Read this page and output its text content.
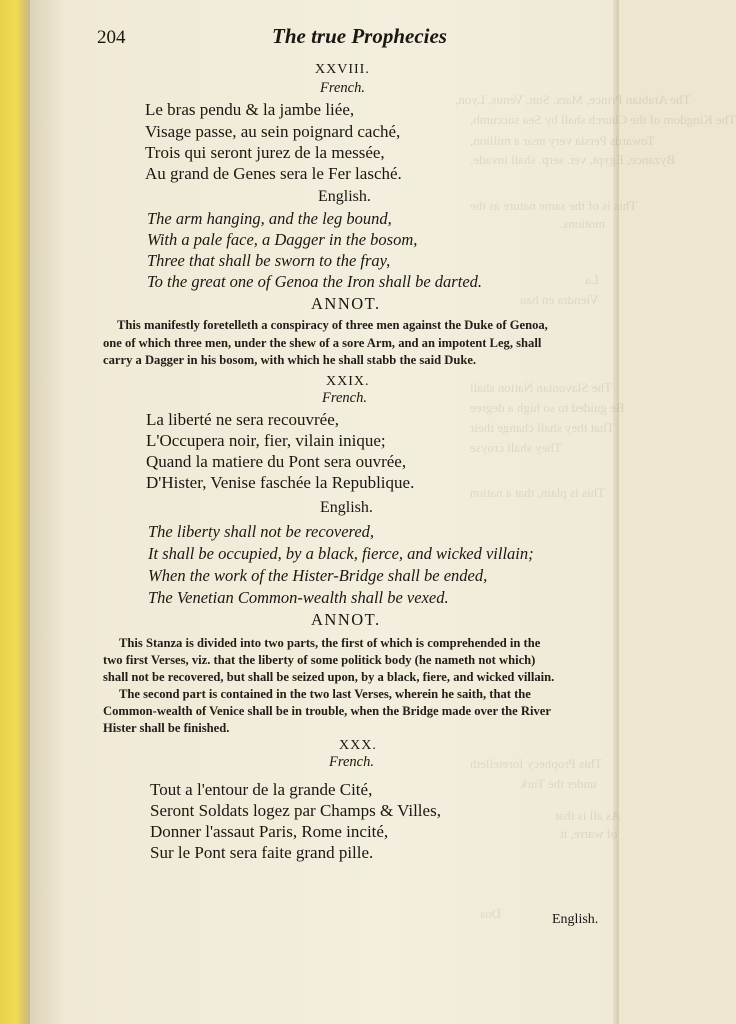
The Arabian
The Kingdom of the
Towards
Byzance,
This
204	The true Prophecies
XXVIII.
French.
Le bras pendu & la jambe liée,
Visage passe, au sein poignard caché,
Trois qui seront jurez de la messée,
Au grand de Genes sera le Fer lasché.
English.
The arm hanging, and the leg bound,
With a pale face, a Dagger in the bosom,
Three that shall be sworn to the fray,
To the great one of Genoa the Iron shall be darted.
ANNOT.
This manifestly foretelleth a conspiracy of three men against the Duke of Genoa,
one of which three men, under the shew of a sore Arm, and an impotent Leg, shall
carry a Dagger in his bosom, with which he shall stabb the said Duke.
XXIX.
French.
La liberté ne sera recouvrée,
L'Occupera noir, fier, vilain inique;
Quand la matiere du Pont sera ouvrée,
D'Hister, Venise faschée la Republique.
English.
The liberty shall not be recovered,
It shall be occupied, by a black, fierce, and wicked villain;
When the work of the Hister-Bridge shall be ended,
The Venetian Common-wealth shall be vexed.
ANNOT.
This Stanza is divided into two parts, the first of which is comprehended in the
two first Verses, viz. that the liberty of some politick body (he nameth not which)
shall not be recovered, but shall be seized upon, by a black, fiere, and wicked villain.
The second part is contained in the two last Verses, wherein he saith, that the
Common-wealth of Venice shall be in trouble, when the Bridge made over the River
Hister shall be finished.
XXX.
French.
Tout a l'entour de la grande Cité,
Seront Soldats logez par Champs & Villes,
Donner l'assaut Paris, Rome incité,
Sur le Pont sera faite grand pille.
English.
